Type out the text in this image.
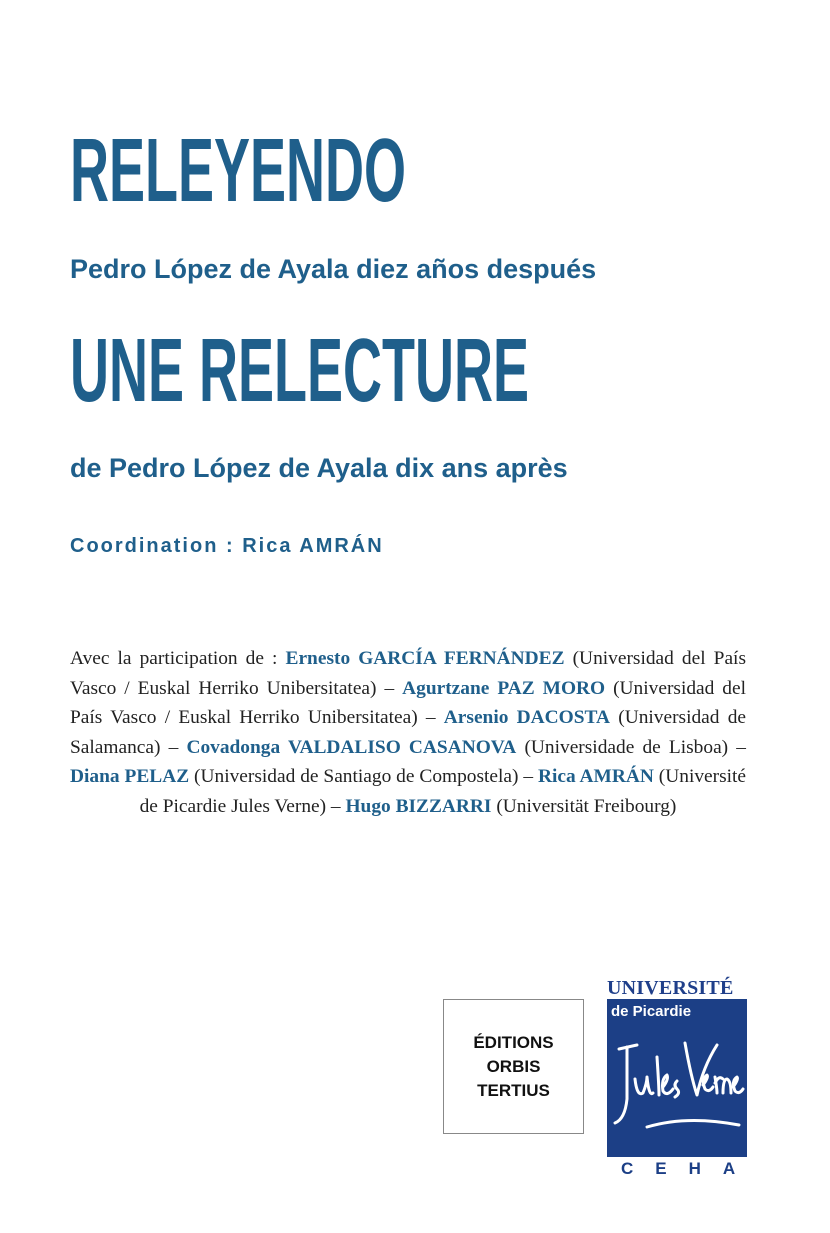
RELEYENDO
Pedro López de Ayala diez años después
UNE RELECTURE
de Pedro López de Ayala dix ans après

Coordination : Rica AMRÁN

Avec la participation de : Ernesto GARCÍA FERNÁNDEZ (Universidad del País Vasco / Euskal Herriko Unibersitatea) – Agurtzane PAZ MORO (Universidad del País Vasco / Euskal Herriko Unibersitatea) – Arsenio DACOSTA (Universidad de Salamanca) – Covadonga VALDALISO CASANOVA (Universidade de Lisboa) – Diana PELAZ (Universidad de Santiago de Compostela) – Rica AMRÁN (Université de Picardie Jules Verne) – Hugo BIZZARRI (Universität Freibourg)

ÉDITIONS
ORBIS
TERTIUS
UNIVERSITÉ
de Picardie
CEHA
